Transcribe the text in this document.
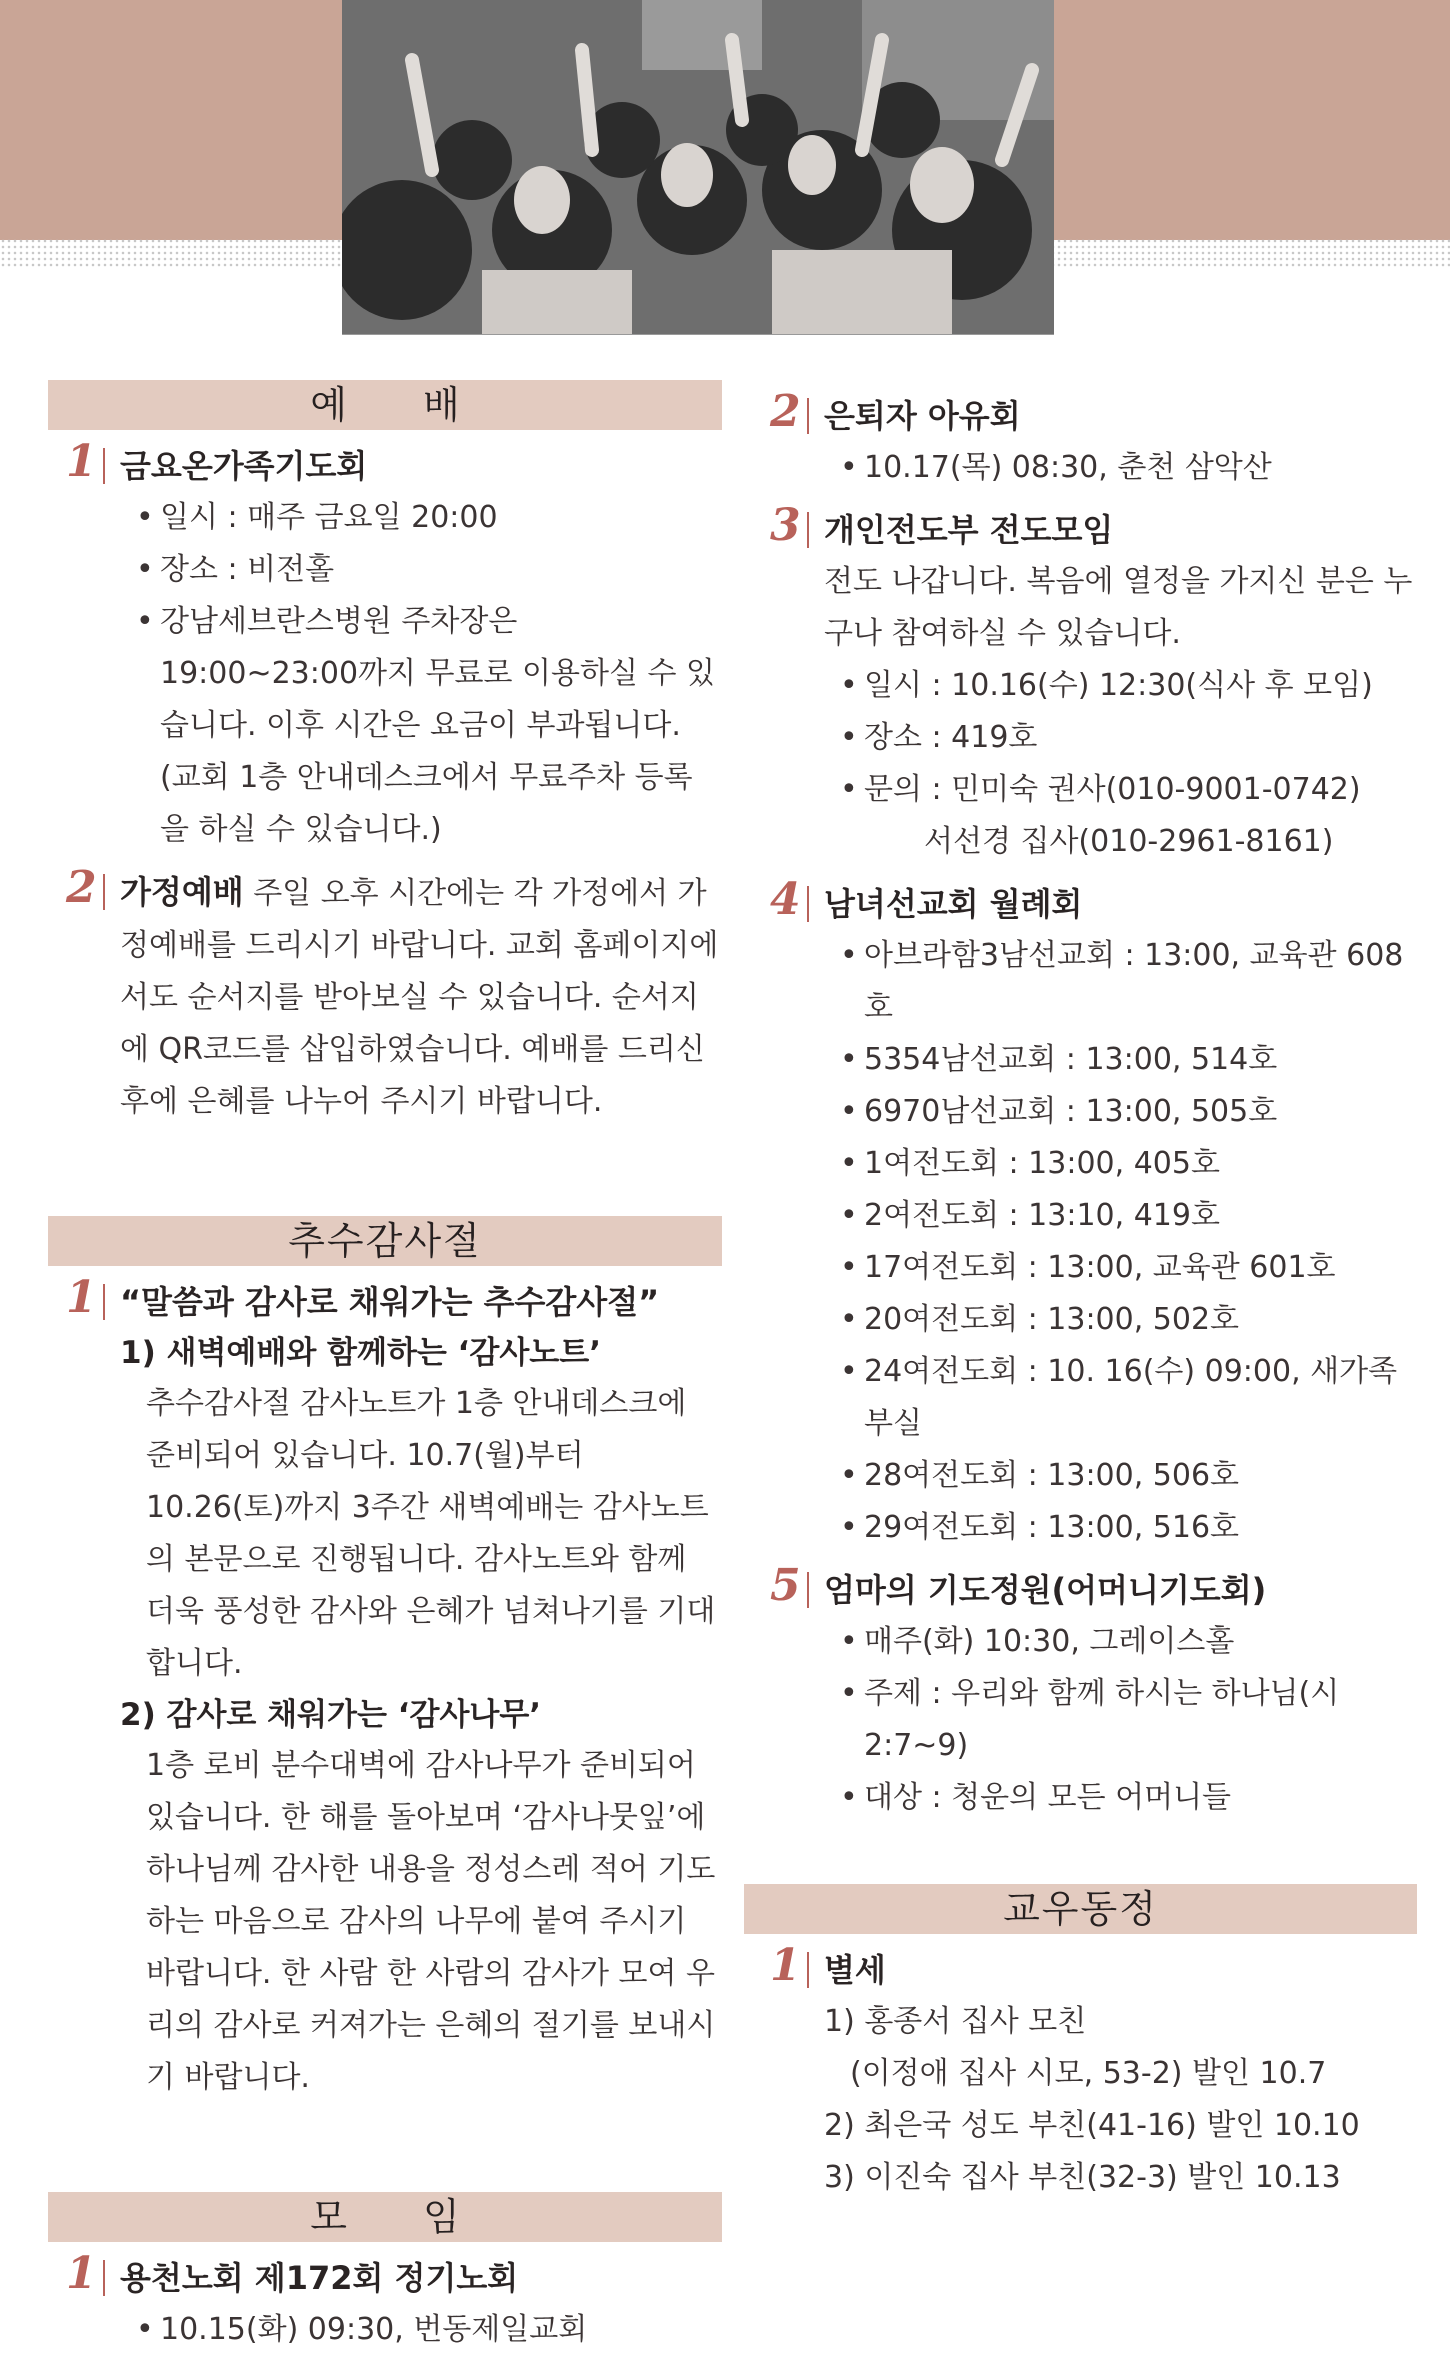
예배
1 금요온가족기도회
• 일시 : 매주 금요일 20:00
• 장소 : 비전홀
• 강남세브란스병원 주차장은 19:00~23:00까지 무료로 이용하실 수 있습니다. 이후 시간은 요금이 부과됩니다. (교회 1층 안내데스크에서 무료주차 등록을 하실 수 있습니다.)
2 가정예배 주일 오후 시간에는 각 가정에서 가정예배를 드리시기 바랍니다. 교회 홈페이지에서도 순서지를 받아보실 수 있습니다. 순서지에 QR코드를 삽입하였습니다. 예배를 드리신 후에 은혜를 나누어 주시기 바랍니다.
추수감사절
1 “말씀과 감사로 채워가는 추수감사절”
1) 새벽예배와 함께하는 ‘감사노트’
추수감사절 감사노트가 1층 안내데스크에 준비되어 있습니다. 10.7(월)부터 10.26(토)까지 3주간 새벽예배는 감사노트의 본문으로 진행됩니다. 감사노트와 함께 더욱 풍성한 감사와 은혜가 넘쳐나기를 기대합니다.
2) 감사로 채워가는 ‘감사나무’
1층 로비 분수대벽에 감사나무가 준비되어 있습니다. 한 해를 돌아보며 ‘감사나뭇잎’에 하나님께 감사한 내용을 정성스레 적어 기도하는 마음으로 감사의 나무에 붙여 주시기 바랍니다. 한 사람 한 사람의 감사가 모여 우리의 감사로 커져가는 은혜의 절기를 보내시기 바랍니다.
모임
1 용천노회 제172회 정기노회
• 10.15(화) 09:30, 번동제일교회
2 은퇴자 아유회
• 10.17(목) 08:30, 춘천 삼악산
3 개인전도부 전도모임
전도 나갑니다. 복음에 열정을 가지신 분은 누구나 참여하실 수 있습니다.
• 일시 : 10.16(수) 12:30(식사 후 모임)
• 장소 : 419호
• 문의 : 민미숙 권사(010-9001-0742)
서선경 집사(010-2961-8161)
4 남녀선교회 월례회
• 아브라함3남선교회 : 13:00, 교육관 608호
• 5354남선교회 : 13:00, 514호
• 6970남선교회 : 13:00, 505호
• 1여전도회 : 13:00, 405호
• 2여전도회 : 13:10, 419호
• 17여전도회 : 13:00, 교육관 601호
• 20여전도회 : 13:00, 502호
• 24여전도회 : 10. 16(수) 09:00, 새가족부실
• 28여전도회 : 13:00, 506호
• 29여전도회 : 13:00, 516호
5 엄마의 기도정원(어머니기도회)
• 매주(화) 10:30, 그레이스홀
• 주제 : 우리와 함께 하시는 하나님(시 2:7~9)
• 대상 : 청운의 모든 어머니들
교우동정
1 별세
1) 홍종서 집사 모친
(이정애 집사 시모, 53-2) 발인 10.7
2) 최은국 성도 부친(41-16) 발인 10.10
3) 이진숙 집사 부친(32-3) 발인 10.13
